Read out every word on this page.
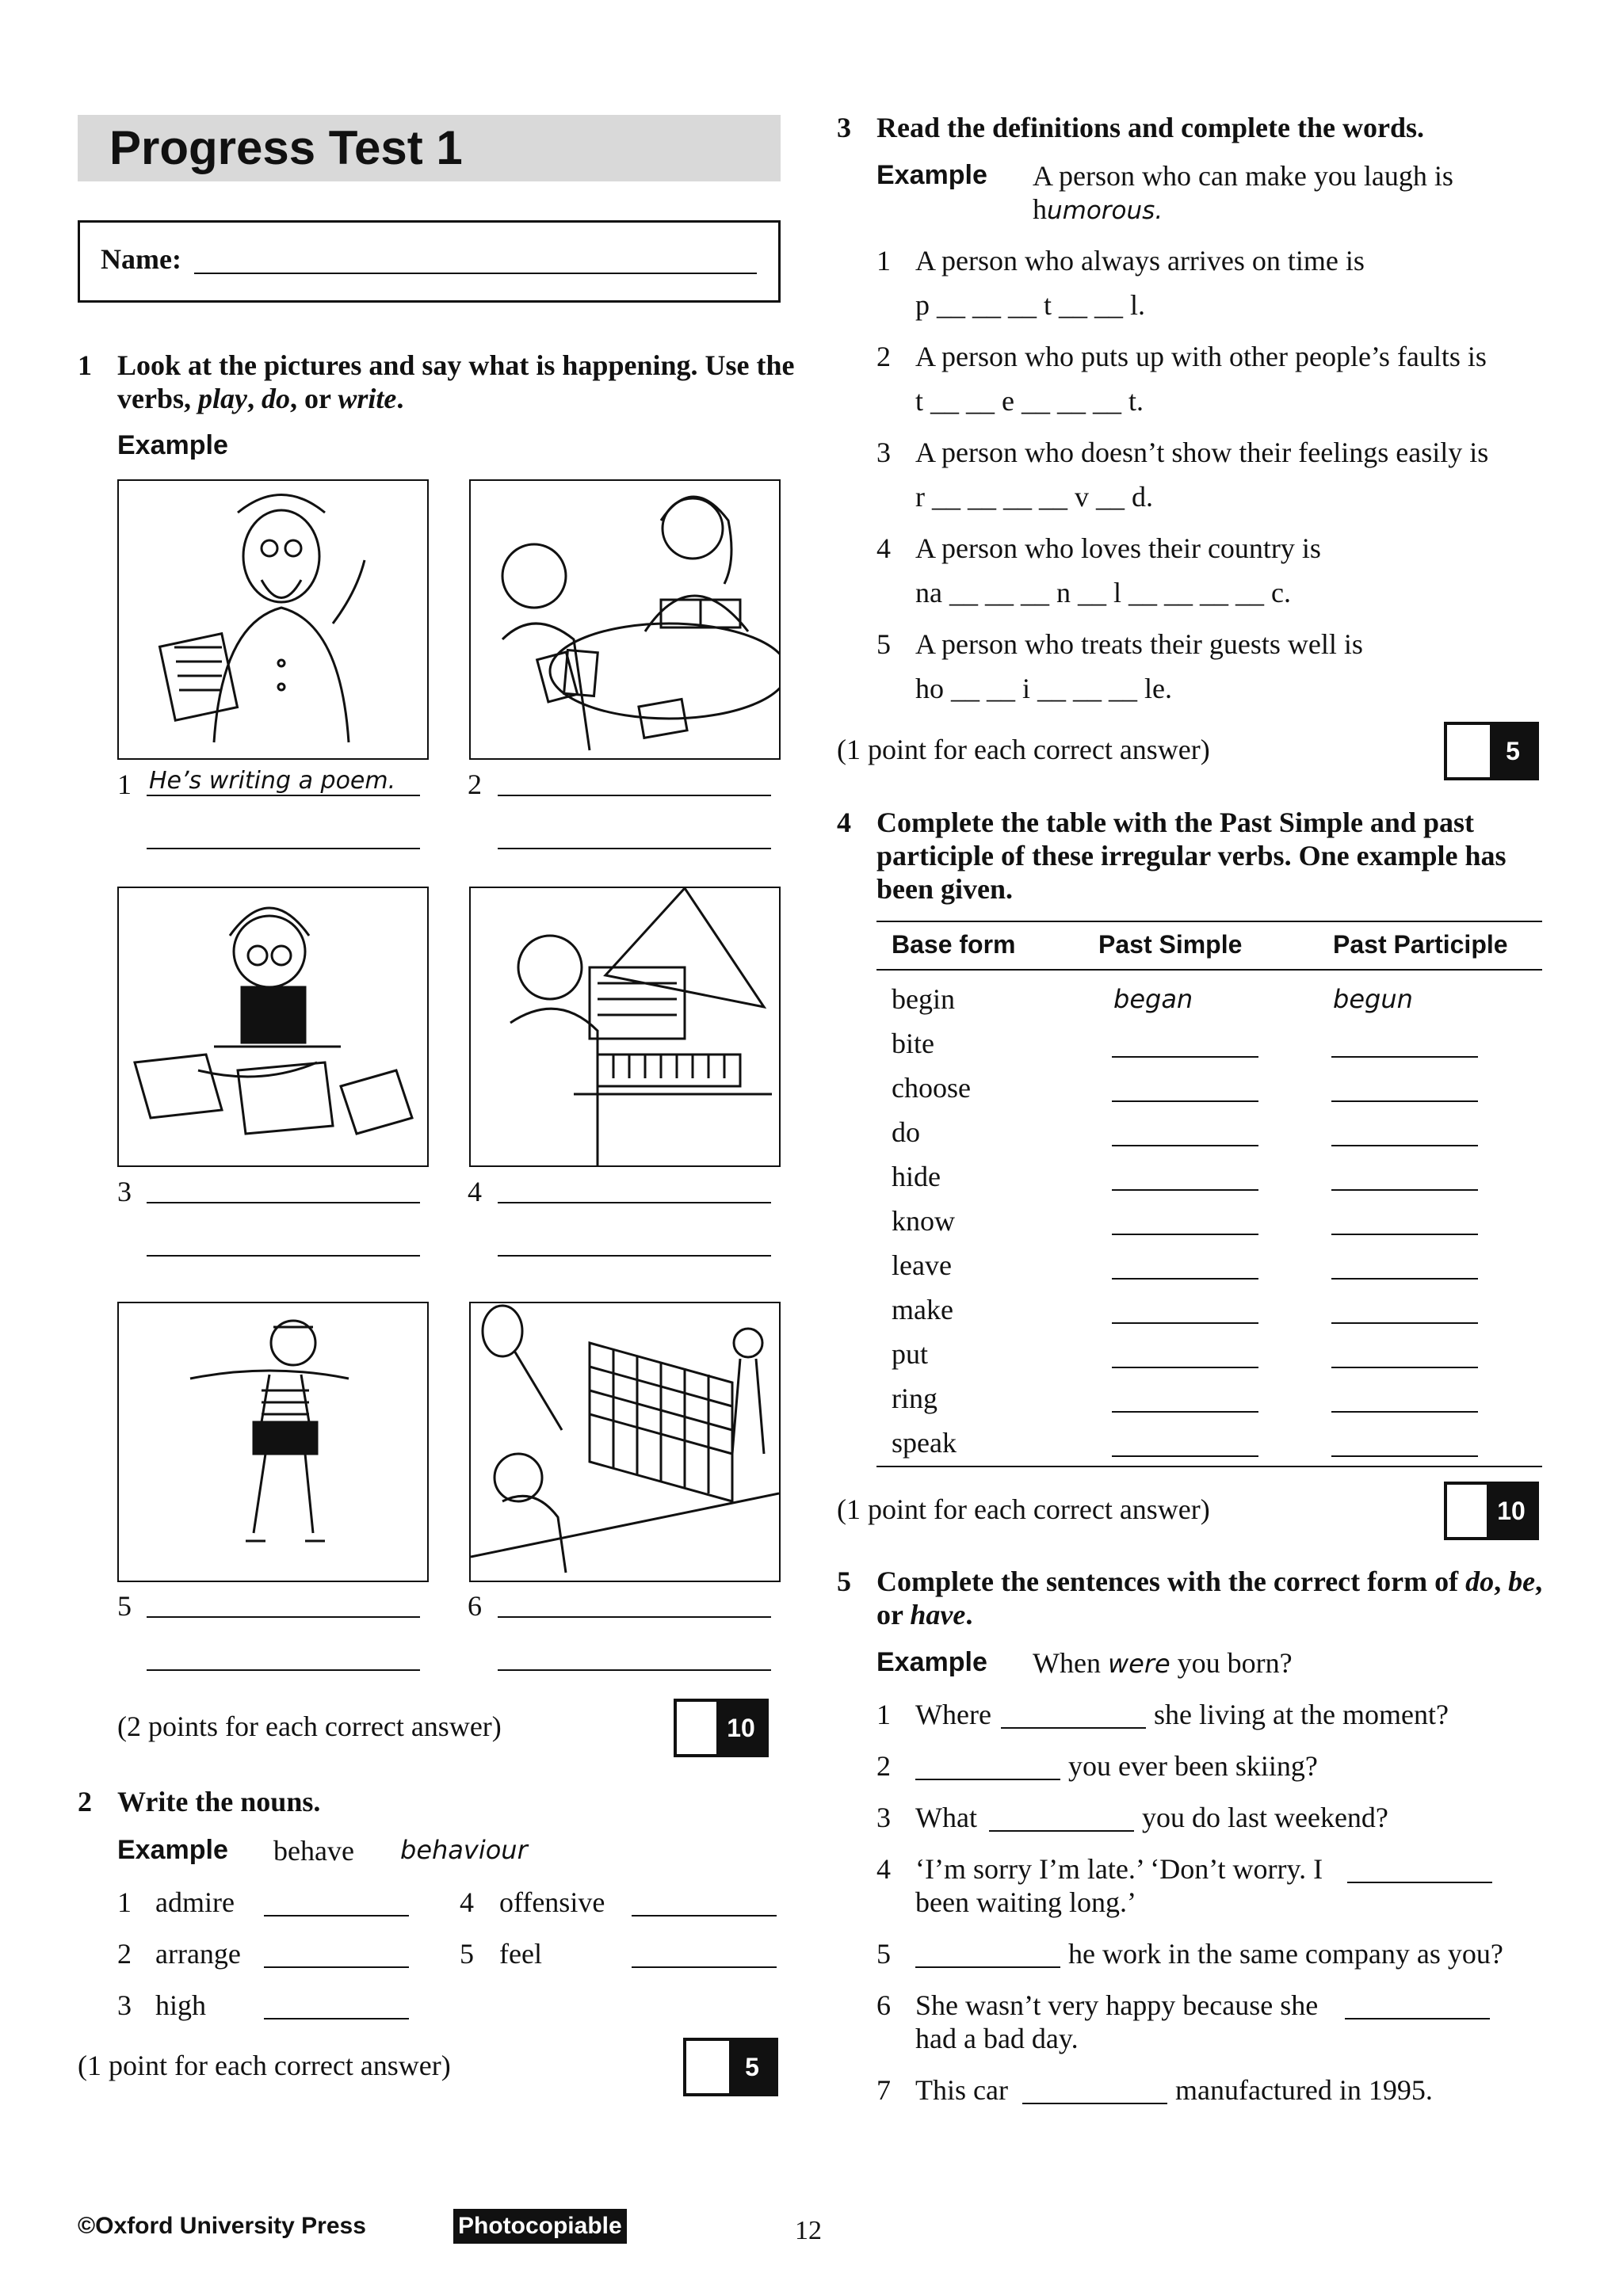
Progress Test 1
Name:
1 Look at the pictures and say what is happening. Use the
verbs, play, do, or write.
Example
1 He’s writing a poem.	2
3	4
5	6
(2 points for each correct answer)	10
2 Write the nouns.
Example behave behaviour
1 admire
2 arrange
3 high
4 offensive
5 feel
(1 point for each correct answer)	5
3 Read the definitions and complete the words.
Example A person who can make you laugh is
humorous.
1 A person who always arrives on time is
p __ __ __ t __ __ l.
2 A person who puts up with other people’s faults is
t __ __ e __ __ __ t.
3 A person who doesn’t show their feelings easily is
r __ __ __ __ v __ d.
4 A person who loves their country is
na __ __ __ n __ l __ __ __ __ c.
5 A person who treats their guests well is
ho __ __ i __ __ __ le.
(1 point for each correct answer)	5
4 Complete the table with the Past Simple and past
participle of these irregular verbs. One example has
been given.
Base form	Past Simple	Past Participle
begin	began	begun
bite
choose
do
hide
know
leave
make
put
ring
speak
(1 point for each correct answer)	10
5 Complete the sentences with the correct form of do, be,
or have.
Example When were you born?
1 Where	she living at the moment?
2	you ever been skiing?
3 What	you do last weekend?
4 ‘I’m sorry I’m late.’ ‘Don’t worry. I
been waiting long.’
5	he work in the same company as you?
6 She wasn’t very happy because she
had a bad day.
7 This car	manufactured in 1995.
©Oxford University Press	Photocopiable	12
